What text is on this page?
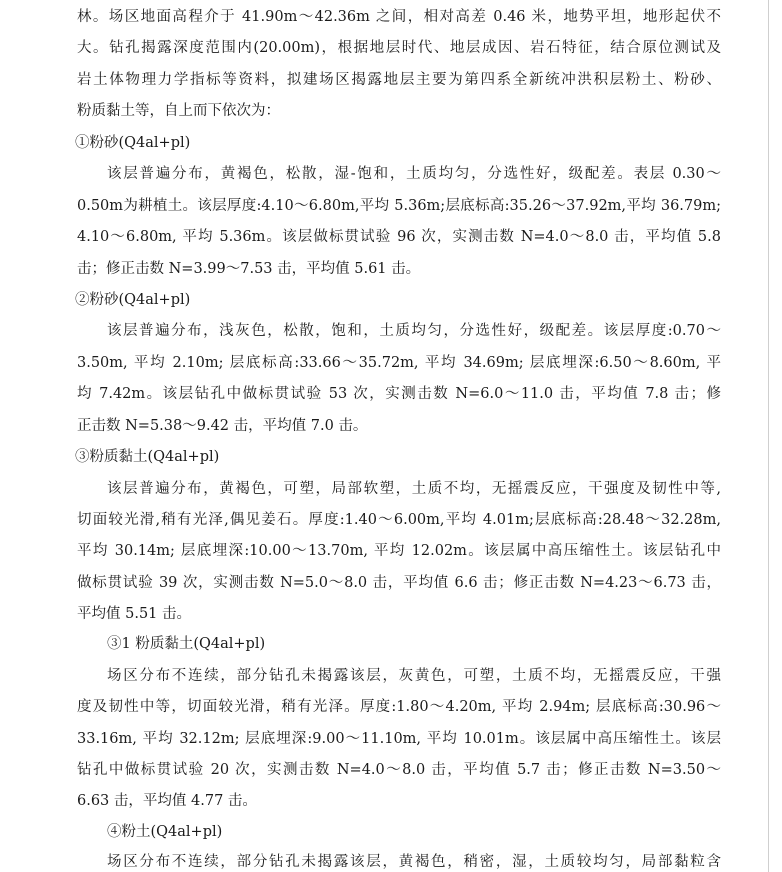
林。场区地面高程介于 41.90m～42.36m 之间，相对高差 0.46 米，地势平坦，地形起伏不
大。钻孔揭露深度范围内(20.00m)，根据地层时代、地层成因、岩石特征，结合原位测试及
岩土体物理力学指标等资料，拟建场区揭露地层主要为第四系全新统冲洪积层粉土、粉砂、
粉质黏土等，自上而下依次为：
①粉砂(Q4al+pl)
该层普遍分布，黄褐色，松散，湿-饱和，土质均匀，分选性好，级配差。表层 0.30～
0.50m为耕植土。该层厚度:4.10～6.80m,平均 5.36m;层底标高:35.26～37.92m,平均 36.79m;
4.10～6.80m, 平均 5.36m。该层做标贯试验 96 次，实测击数 N=4.0～8.0 击，平均值 5.8
击；修正击数 N=3.99～7.53 击，平均值 5.61 击。
②粉砂(Q4al+pl)
该层普遍分布，浅灰色，松散，饱和，土质均匀，分选性好，级配差。该层厚度:0.70～
3.50m, 平均 2.10m; 层底标高:33.66～35.72m, 平均 34.69m; 层底埋深:6.50～8.60m, 平
均 7.42m。该层钻孔中做标贯试验 53 次，实测击数 N=6.0～11.0 击，平均值 7.8 击；修
正击数 N=5.38～9.42 击，平均值 7.0 击。
③粉质黏土(Q4al+pl)
该层普遍分布，黄褐色，可塑，局部软塑，土质不均，无摇震反应，干强度及韧性中等,
切面较光滑,稍有光泽,偶见姜石。厚度:1.40～6.00m,平均 4.01m;层底标高:28.48～32.28m,
平均 30.14m; 层底埋深:10.00～13.70m, 平均 12.02m。该层属中高压缩性土。该层钻孔中
做标贯试验 39 次，实测击数 N=5.0～8.0 击，平均值 6.6 击；修正击数 N=4.23～6.73 击，
平均值 5.51 击。
③1 粉质黏土(Q4al+pl)
场区分布不连续，部分钻孔未揭露该层，灰黄色，可塑，土质不均，无摇震反应，干强
度及韧性中等，切面较光滑，稍有光泽。厚度:1.80～4.20m, 平均 2.94m; 层底标高:30.96～
33.16m, 平均 32.12m; 层底埋深:9.00～11.10m, 平均 10.01m。该层属中高压缩性土。该层
钻孔中做标贯试验 20 次，实测击数 N=4.0～8.0 击，平均值 5.7 击；修正击数 N=3.50～
6.63 击，平均值 4.77 击。
④粉土(Q4al+pl)
场区分布不连续，部分钻孔未揭露该层，黄褐色，稍密，湿，土质较均匀，局部黏粒含
